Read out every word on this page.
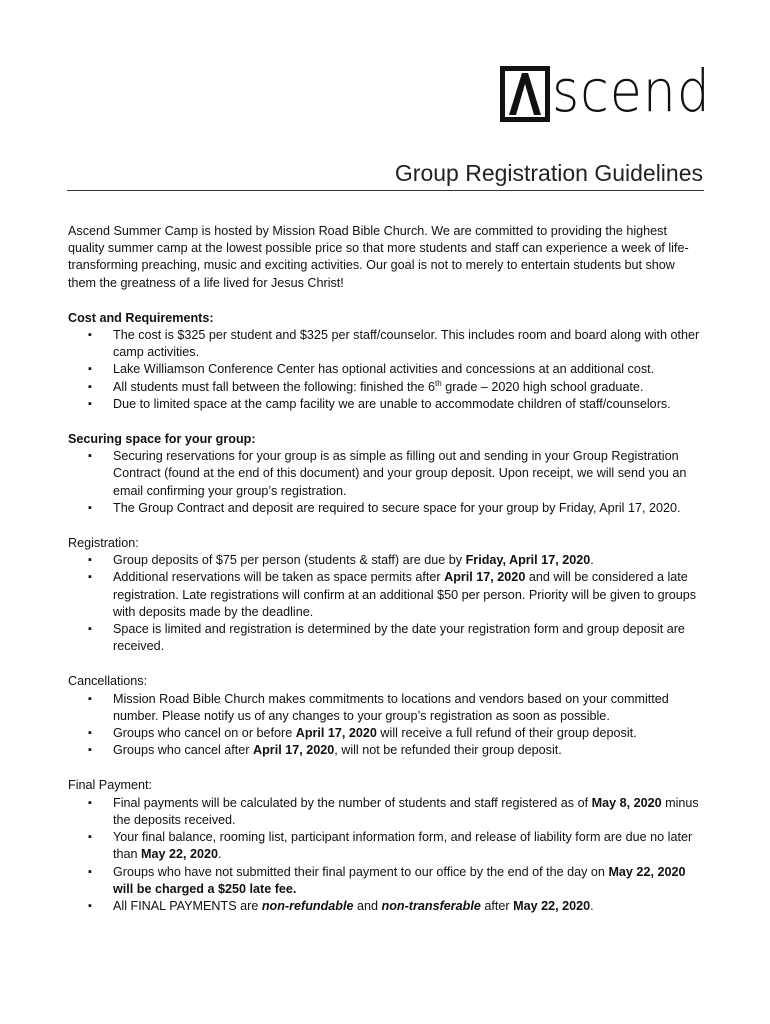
scend
Group Registration Guidelines

Ascend Summer Camp is hosted by Mission Road Bible Church. We are committed to providing the highest quality summer camp at the lowest possible price so that more students and staff can experience a week of life-transforming preaching, music and exciting activities. Our goal is not to merely to entertain students but show them the greatness of a life lived for Jesus Christ!

Cost and Requirements:

▪ The cost is $325 per student and $325 per staff/counselor. This includes room and board along with other camp activities.
▪ Lake Williamson Conference Center has optional activities and concessions at an additional cost.
▪ All students must fall between the following: finished the 6th grade – 2020 high school graduate.
▪ Due to limited space at the camp facility we are unable to accommodate children of staff/counselors.

Securing space for your group:

▪ Securing reservations for your group is as simple as filling out and sending in your Group Registration Contract (found at the end of this document) and your group deposit. Upon receipt, we will send you an email confirming your group’s registration.
▪ The Group Contract and deposit are required to secure space for your group by Friday, April 17, 2020.

Registration:

▪ Group deposits of $75 per person (students & staff) are due by Friday, April 17, 2020.
▪ Additional reservations will be taken as space permits after April 17, 2020 and will be considered a late registration. Late registrations will confirm at an additional $50 per person. Priority will be given to groups with deposits made by the deadline.
▪ Space is limited and registration is determined by the date your registration form and group deposit are received.

Cancellations:

▪ Mission Road Bible Church makes commitments to locations and vendors based on your committed number. Please notify us of any changes to your group’s registration as soon as possible.
▪ Groups who cancel on or before April 17, 2020 will receive a full refund of their group deposit.
▪ Groups who cancel after April 17, 2020, will not be refunded their group deposit.

Final Payment:

▪ Final payments will be calculated by the number of students and staff registered as of May 8, 2020 minus the deposits received.
▪ Your final balance, rooming list, participant information form, and release of liability form are due no later than May 22, 2020.
▪ Groups who have not submitted their final payment to our office by the end of the day on May 22, 2020 will be charged a $250 late fee.
▪ All FINAL PAYMENTS are non-refundable and non-transferable after May 22, 2020.
